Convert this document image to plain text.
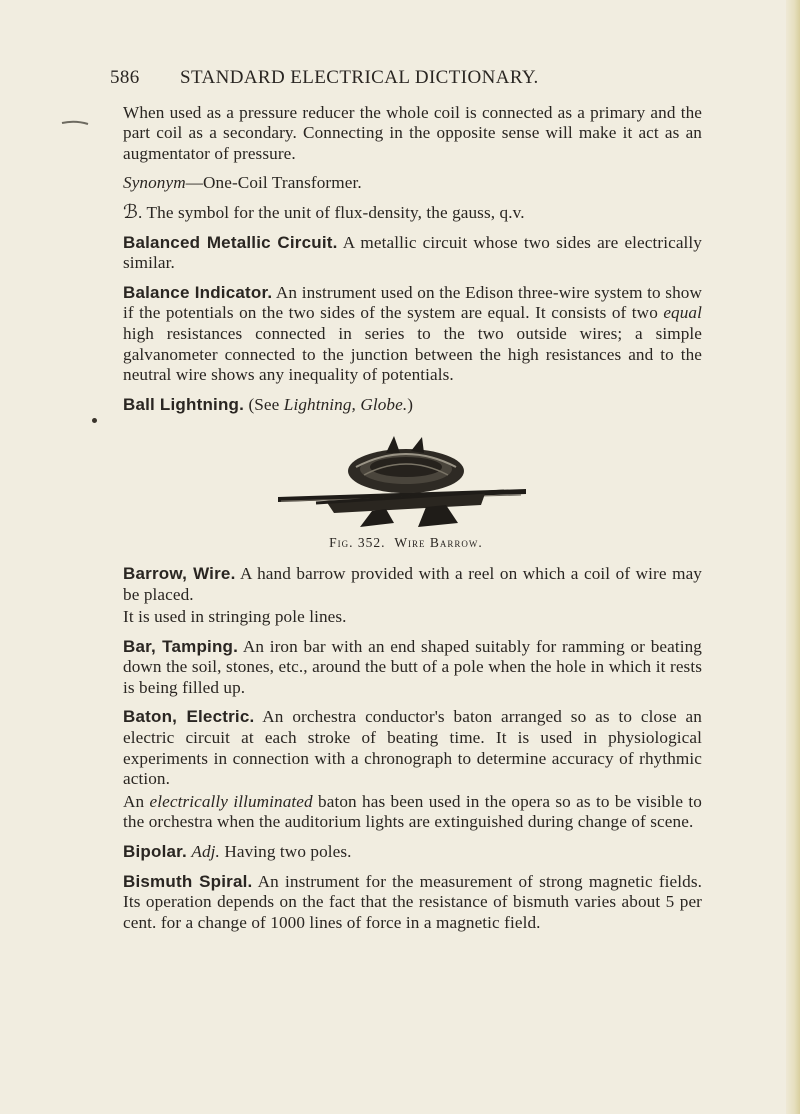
586	STANDARD ELECTRICAL DICTIONARY.

When used as a pressure reducer the whole coil is connected as a primary and the part coil as a secondary. Connecting in the opposite sense will make it act as an augmentator of pressure.

Synonym—One-Coil Transformer.

ℬ. The symbol for the unit of flux-density, the gauss, q.v.

Balanced Metallic Circuit. A metallic circuit whose two sides are electrically similar.

Balance Indicator. An instrument used on the Edison three-wire system to show if the potentials on the two sides of the system are equal. It consists of two equal high resistances connected in series to the two outside wires; a simple galvanometer connected to the junction between the high resistances and to the neutral wire shows any inequality of potentials.

Ball Lightning. (See Lightning, Globe.)

Fig. 352. Wire Barrow.

Barrow, Wire. A hand barrow provided with a reel on which a coil of wire may be placed.

It is used in stringing pole lines.

Bar, Tamping. An iron bar with an end shaped suitably for ramming or beating down the soil, stones, etc., around the butt of a pole when the hole in which it rests is being filled up.

Baton, Electric. An orchestra conductor's baton arranged so as to close an electric circuit at each stroke of beating time. It is used in physiological experiments in connection with a chronograph to determine accuracy of rhythmic action.

An electrically illuminated baton has been used in the opera so as to be visible to the orchestra when the auditorium lights are extinguished during change of scene.

Bipolar. Adj. Having two poles.

Bismuth Spiral. An instrument for the measurement of strong magnetic fields. Its operation depends on the fact that the resistance of bismuth varies about 5 per cent. for a change of 1000 lines of force in a magnetic field.
